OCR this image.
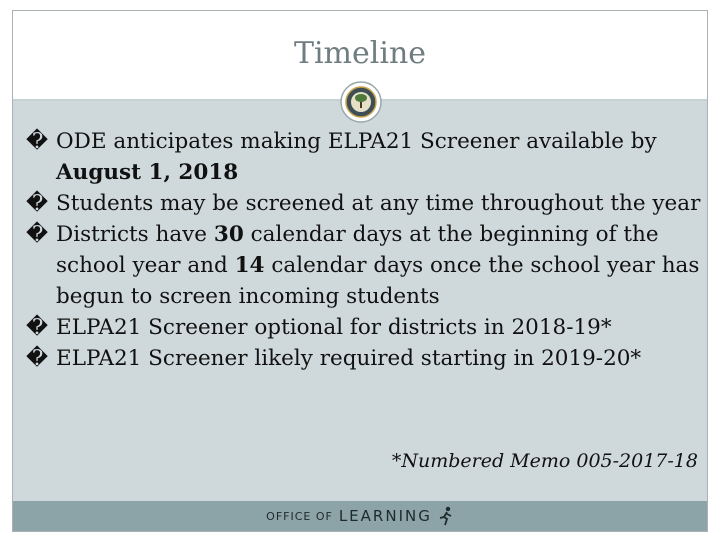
Timeline
� ODE anticipates making ELPA21 Screener available by
August 1, 2018
� Students may be screened at any time throughout the year
� Districts have 30 calendar days at the beginning of the school year and 14 calendar days once the school year has begun to screen incoming students
� ELPA21 Screener optional for districts in 2018-19*
� ELPA21 Screener likely required starting in 2019-20*
*Numbered Memo 005-2017-18
OFFICE OF LEARNING
